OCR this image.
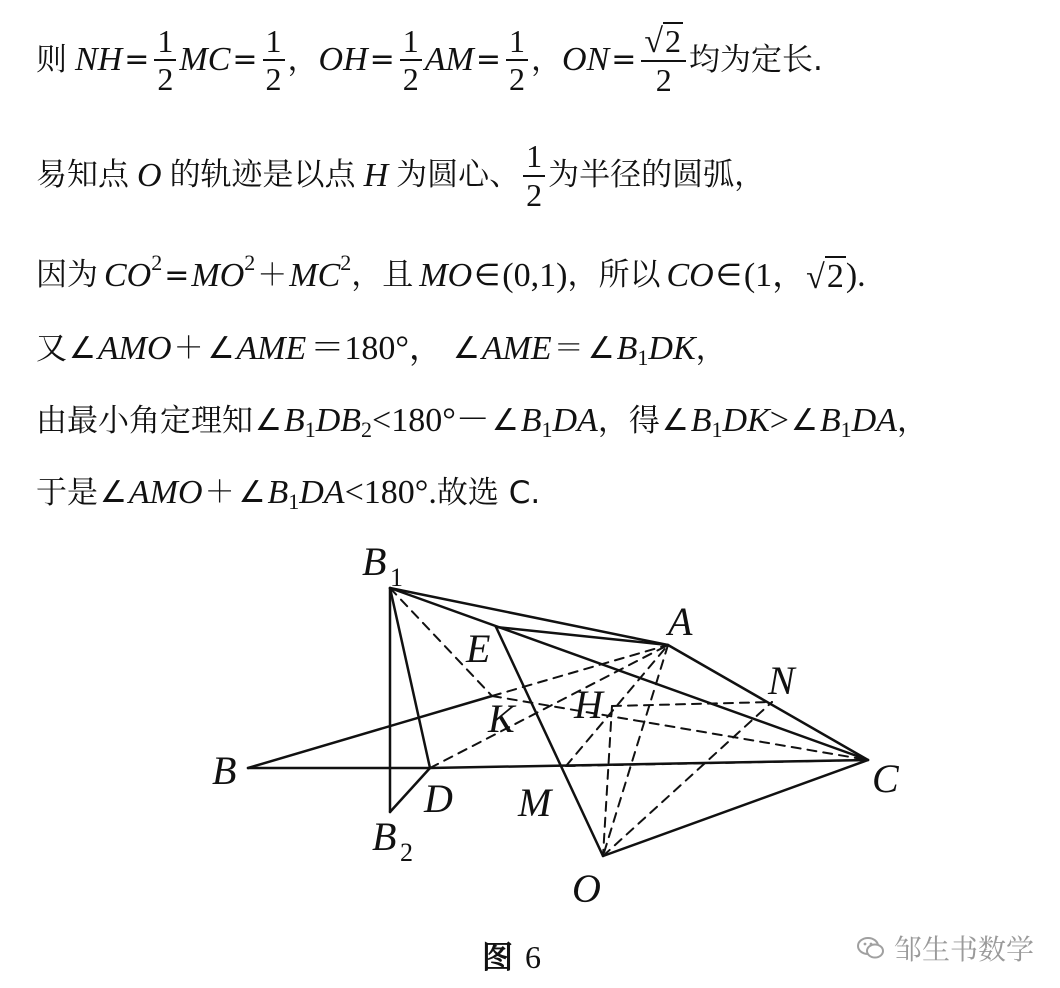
则 NH = $\frac{1}{2}$ MC = $\frac{1}{2}$ ， OH = $\frac{1}{2}$ AM = $\frac{1}{2}$ ， ON = $\frac{√ 2}{2}$ 均为定长.
易知点 O 的轨迹是以点 H 为圆心、 $\frac{1}{2}$ 为半径的圆弧，
因为 CO 2 = MO 2 ＋ MC 2 ，且 MO ∈ (0,1) ，所以 CO ∈ (1， √ 2 ).
又 ∠ AMO ＋ ∠ AME ＝180°， ∠ AME ＝ ∠ B 1 DK ，
由最小角定理知 ∠ B 1 D B 2 <180°－ ∠ B 1 DA ，得 ∠ B 1 DK > ∠ B 1 DA ，
于是 ∠ AMO ＋ ∠ B 1 DA <180°. 故选 C.
B 1
E
A
N
K H
B
D M
C
B 2
O
图 6	邹生书数学
